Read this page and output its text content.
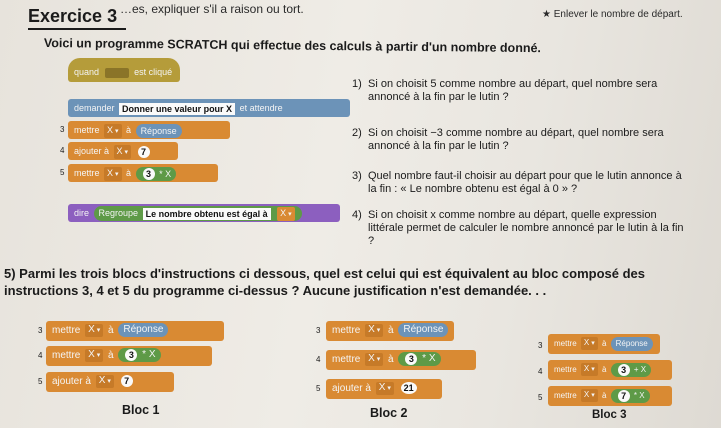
Exercice 3 …es, expliquer s'il a raison ou tort.	★ Enlever le nombre de départ.
Voici un programme SCRATCH qui effectue des calculs à partir d'un nombre donné.
quand	est cliqué
demander Donner une valeur pour X et attendre
3	mettre X ▾ à Réponse
4	ajouter à X ▾ 7
5	mettre X ▾ à 3 * X
dire Regroupe Le nombre obtenu est égal à X ▾
1) Si on choisit 5 comme nombre au départ, quel nombre sera annoncé à la fin par le lutin ?
2) Si on choisit −3 comme nombre au départ, quel nombre sera annoncé à la fin par le lutin ?
3) Quel nombre faut-il choisir au départ pour que le lutin annonce à la fin : « Le nombre obtenu est égal à 0 » ?
4) Si on choisit x comme nombre au départ, quelle expression littérale permet de calculer le nombre annoncé par le lutin à la fin ?
5) Parmi les trois blocs d'instructions ci dessous, quel est celui qui est équivalent au bloc composé des instructions 3, 4 et 5 du programme ci-dessus ? Aucune justification n'est demandée. . .
3 mettre X ▾ à Réponse
4 mettre X ▾ à 3 * X
5 ajouter à X ▾ 7
Bloc 1
3	mettre X ▾ à Réponse
4	mettre X ▾ à 3 * X
5	ajouter à X ▾ 21
Bloc 2
3	mettre X ▾ à Réponse
4	mettre X ▾ à 3 + X
5	mettre X ▾ à 7 * X
Bloc 3
